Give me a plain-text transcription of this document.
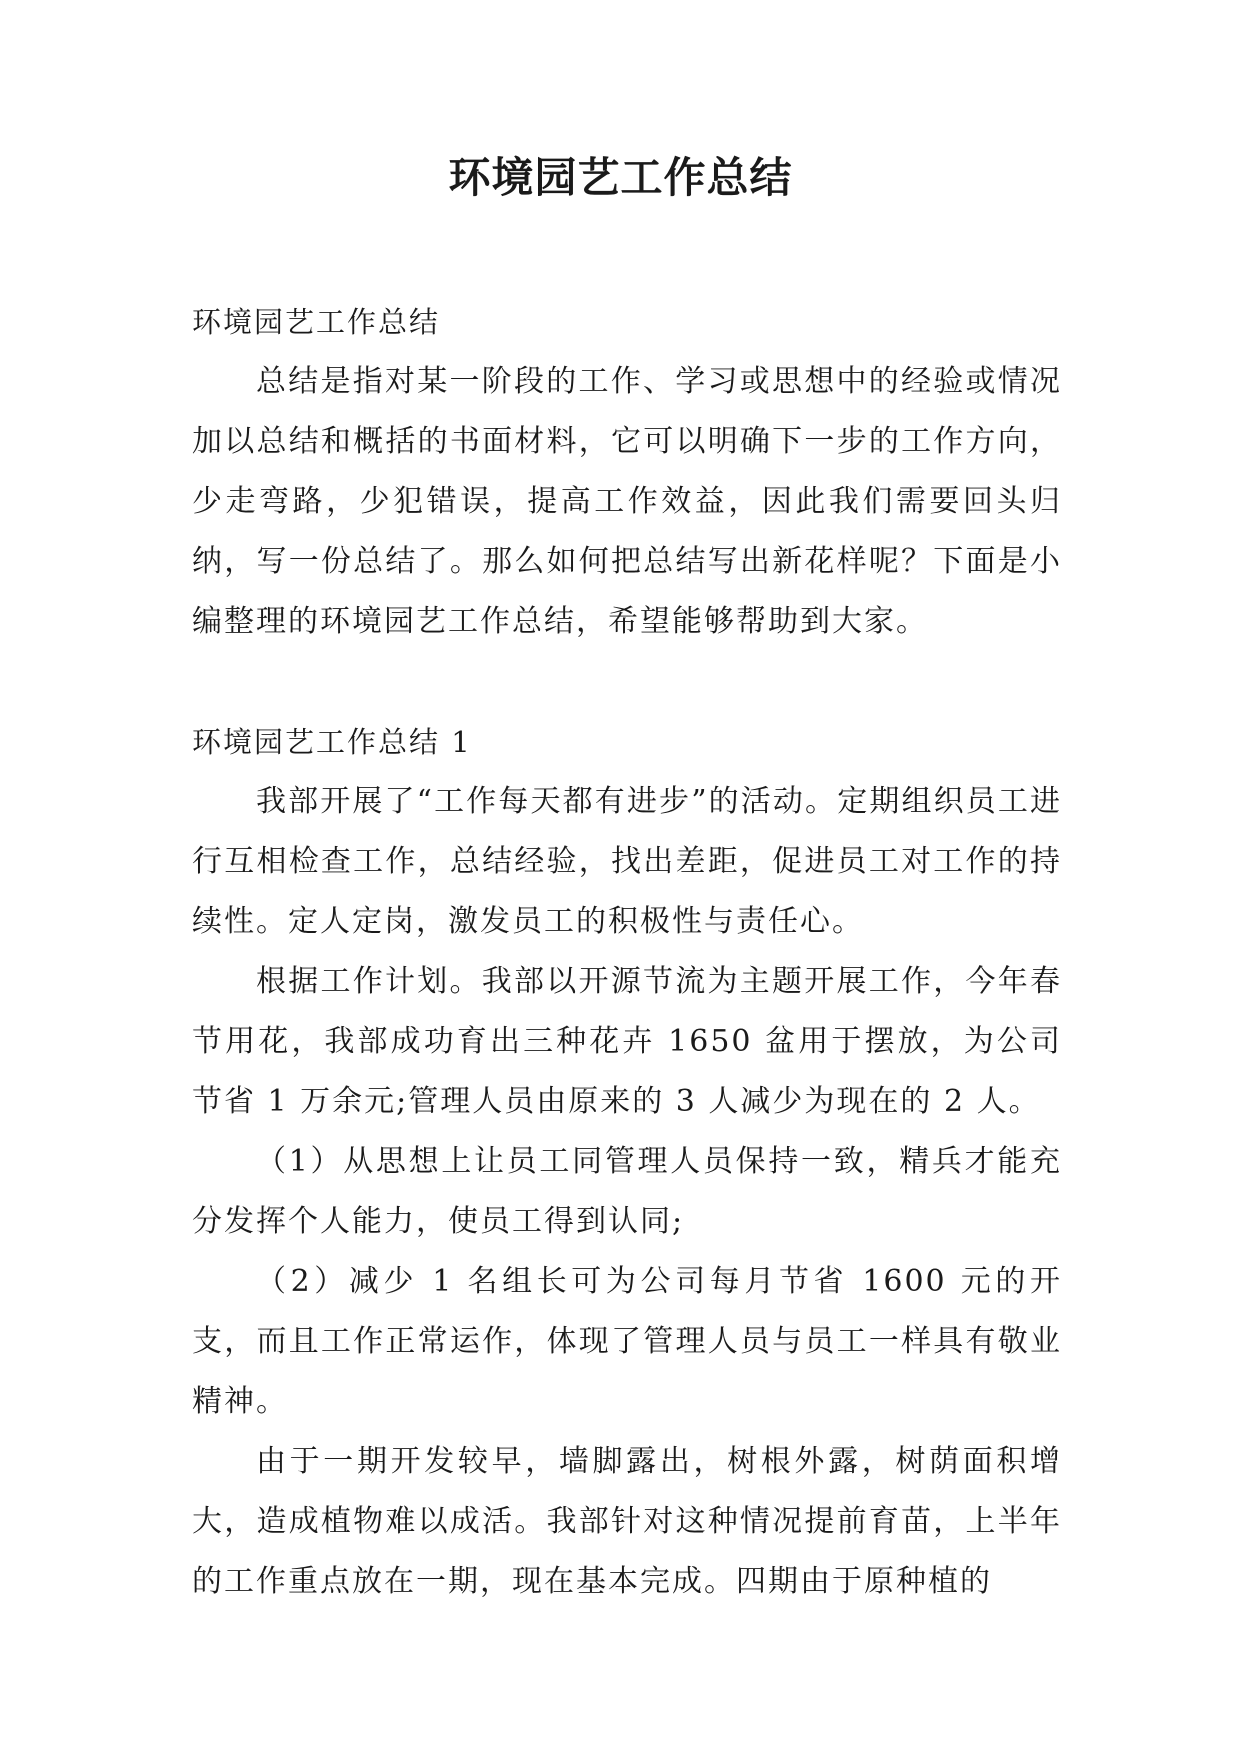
环境园艺工作总结

环境园艺工作总结

总结是指对某一阶段的工作、学习或思想中的经验或情况加以总结和概括的书面材料，它可以明确下一步的工作方向，少走弯路，少犯错误，提高工作效益，因此我们需要回头归纳，写一份总结了。那么如何把总结写出新花样呢？下面是小编整理的环境园艺工作总结，希望能够帮助到大家。

环境园艺工作总结 1

我部开展了“工作每天都有进步”的活动。定期组织员工进行互相检查工作，总结经验，找出差距，促进员工对工作的持续性。定人定岗，激发员工的积极性与责任心。

根据工作计划。我部以开源节流为主题开展工作，今年春节用花，我部成功育出三种花卉 1650 盆用于摆放，为公司节省 1 万余元;管理人员由原来的 3 人减少为现在的 2 人。

（1）从思想上让员工同管理人员保持一致，精兵才能充分发挥个人能力，使员工得到认同;

（2）减少 1 名组长可为公司每月节省 1600 元的开支，而且工作正常运作，体现了管理人员与员工一样具有敬业精神。

由于一期开发较早，墙脚露出，树根外露，树荫面积增大，造成植物难以成活。我部针对这种情况提前育苗，上半年的工作重点放在一期，现在基本完成。四期由于原种植的
